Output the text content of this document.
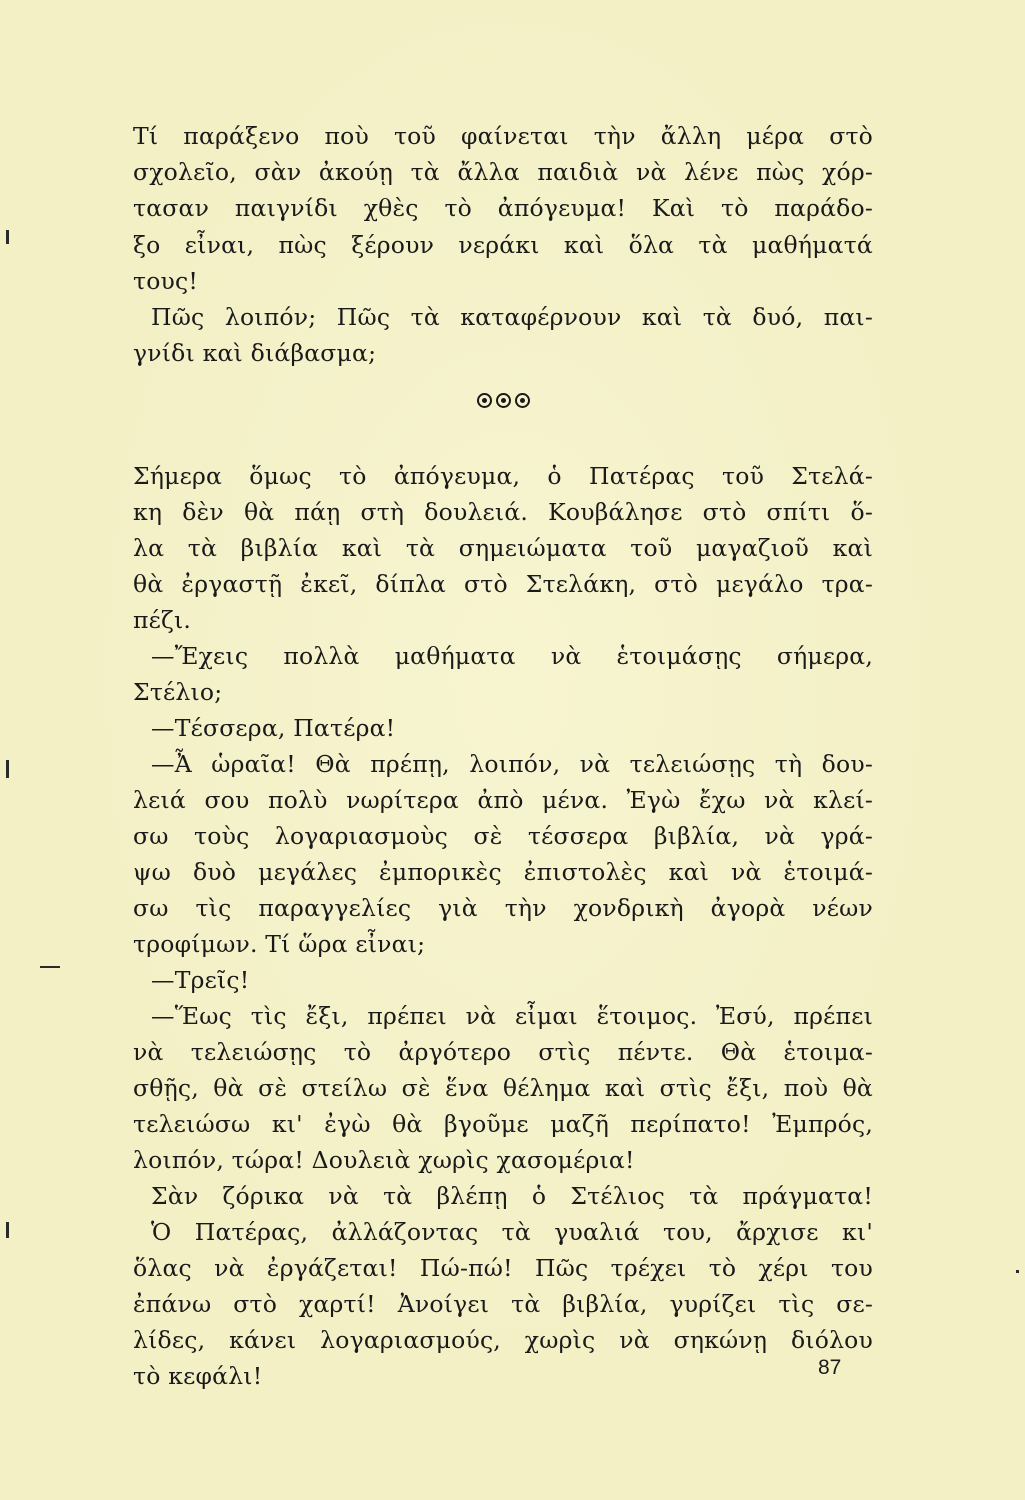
Τί παράξενο ποὺ τοῦ φαίνεται τὴν ἄλλη μέρα στὸ
σχολεῖο, σὰν ἀκούῃ τὰ ἄλλα παιδιὰ νὰ λένε πὼς χόρ-
τασαν παιγνίδι χθὲς τὸ ἀπόγευμα! Καὶ τὸ παράδο-
ξο εἶναι, πὼς ξέρουν νεράκι καὶ ὅλα τὰ μαθήματά
τους!
Πῶς λοιπόν; Πῶς τὰ καταφέρνουν καὶ τὰ δυό, παι-
γνίδι καὶ διάβασμα;
Σήμερα ὅμως τὸ ἀπόγευμα, ὁ Πατέρας τοῦ Στελά-
κη δὲν θὰ πάῃ στὴ δουλειά. Κουβάλησε στὸ σπίτι ὅ-
λα τὰ βιβλία καὶ τὰ σημειώματα τοῦ μαγαζιοῦ καὶ
θὰ ἐργαστῇ ἐκεῖ, δίπλα στὸ Στελάκη, στὸ μεγάλο τρα-
πέζι.
—Ἔχεις πολλὰ μαθήματα νὰ ἑτοιμάσῃς σήμερα,
Στέλιο;
—Τέσσερα, Πατέρα!
—Ἆ ὡραῖα! Θὰ πρέπῃ, λοιπόν, νὰ τελειώσῃς τὴ δου-
λειά σου πολὺ νωρίτερα ἀπὸ μένα. Ἐγὼ ἔχω νὰ κλεί-
σω τοὺς λογαριασμοὺς σὲ τέσσερα βιβλία, νὰ γρά-
ψω δυὸ μεγάλες ἐμπορικὲς ἐπιστολὲς καὶ νὰ ἑτοιμά-
σω τὶς παραγγελίες γιὰ τὴν χονδρικὴ ἀγορὰ νέων
τροφίμων. Τί ὥρα εἶναι;
—Τρεῖς!
—Ἕως τὶς ἔξι, πρέπει νὰ εἶμαι ἕτοιμος. Ἐσύ, πρέπει
νὰ τελειώσῃς τὸ ἀργότερο στὶς πέντε. Θὰ ἑτοιμα-
σθῇς, θὰ σὲ στείλω σὲ ἕνα θέλημα καὶ στὶς ἔξι, ποὺ θὰ
τελειώσω κι' ἐγὼ θὰ βγοῦμε μαζῆ περίπατο! Ἐμπρός,
λοιπόν, τώρα! Δουλειὰ χωρὶς χασομέρια!
Σὰν ζόρικα νὰ τὰ βλέπῃ ὁ Στέλιος τὰ πράγματα!
Ὁ Πατέρας, ἀλλάζοντας τὰ γυαλιά του, ἄρχισε κι'
ὅλας νὰ ἐργάζεται! Πώ-πώ! Πῶς τρέχει τὸ χέρι του
ἐπάνω στὸ χαρτί! Ἀνοίγει τὰ βιβλία, γυρίζει τὶς σε-
λίδες, κάνει λογαριασμούς, χωρὶς νὰ σηκώνῃ διόλου
τὸ κεφάλι!	87
